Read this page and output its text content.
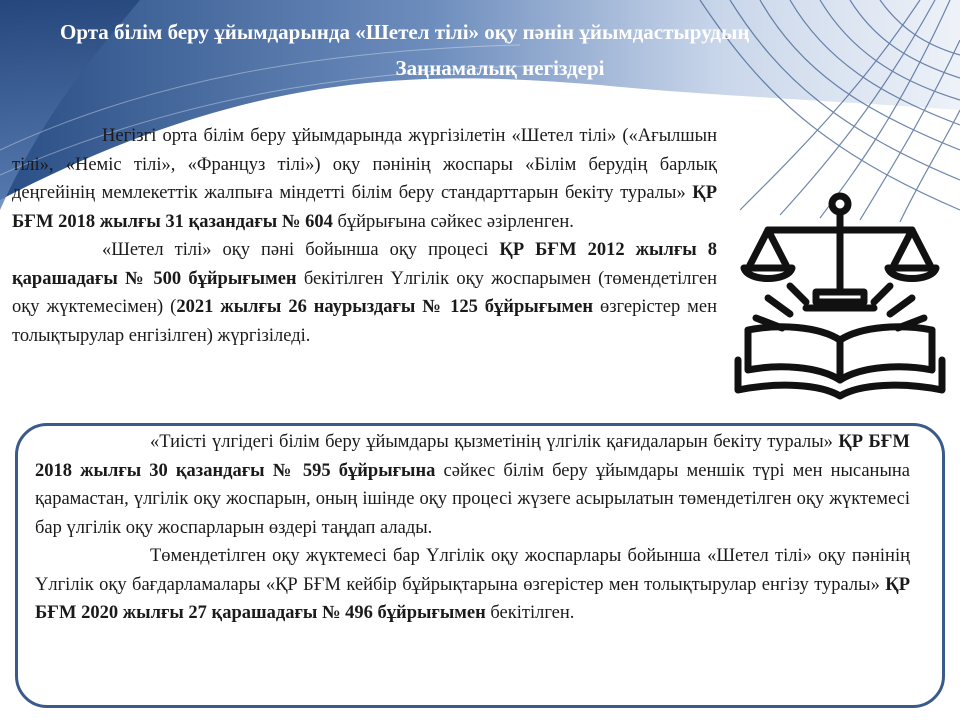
Орта білім беру ұйымдарында «Шетел тілі» оқу пәнін ұйымдастырудың
Заңнамалық негіздері
Негізгі орта білім беру ұйымдарында жүргізілетін «Шетел тілі» («Ағылшын тілі», «Неміс тілі», «Француз тілі») оқу пәнінің жоспары «Білім берудің барлық деңгейінің мемлекеттік жалпыға міндетті білім беру стандарттарын бекіту туралы» ҚР БҒМ 2018 жылғы 31 қазандағы № 604 бұйрығына сәйкес әзірленген.
«Шетел тілі» оқу пәні бойынша оқу процесі ҚР БҒМ 2012 жылғы 8 қарашадағы № 500 бұйрығымен бекітілген Үлгілік оқу жоспарымен (төмендетілген оқу жүктемесімен) (2021 жылғы 26 наурыздағы № 125 бұйрығымен өзгерістер мен толықтырулар енгізілген) жүргізіледі.
«Тиісті үлгідегі білім беру ұйымдары қызметінің үлгілік қағидаларын бекіту туралы» ҚР БҒМ 2018 жылғы 30 қазандағы № 595 бұйрығына сәйкес білім беру ұйымдары меншік түрі мен нысанына қарамастан, үлгілік оқу жоспарын, оның ішінде оқу процесі жүзеге асырылатын төмендетілген оқу жүктемесі бар үлгілік оқу жоспарларын өздері таңдап алады.
Төмендетілген оқу жүктемесі бар Үлгілік оқу жоспарлары бойынша «Шетел тілі» оқу пәнінің Үлгілік оқу бағдарламалары «ҚР БҒМ кейбір бұйрықтарына өзгерістер мен толықтырулар енгізу туралы» ҚР БҒМ 2020 жылғы 27 қарашадағы № 496 бұйрығымен бекітілген.
